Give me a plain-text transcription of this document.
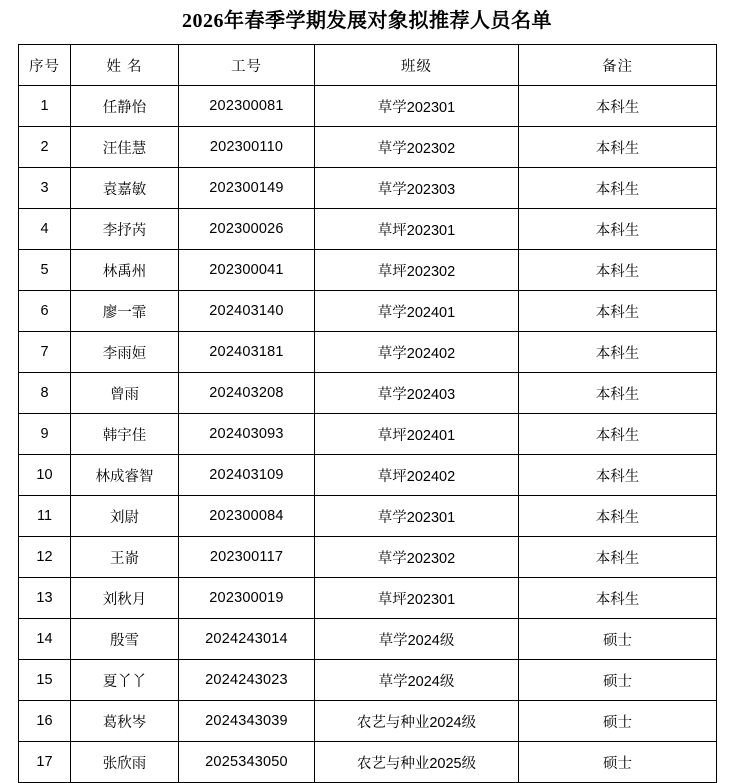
2026年春季学期发展对象拟推荐人员名单
序号	姓 名	工号	班级	备注
1	任静怡	202300081	草学202301	本科生
2	汪佳慧	202300110	草学202302	本科生
3	袁嘉敏	202300149	草学202303	本科生
4	李抒芮	202300026	草坪202301	本科生
5	林禹州	202300041	草坪202302	本科生
6	廖一霏	202403140	草学202401	本科生
7	李雨姮	202403181	草学202402	本科生
8	曾雨	202403208	草学202403	本科生
9	韩宇佳	202403093	草坪202401	本科生
10	林成睿智	202403109	草坪202402	本科生
11	刘尉	202300084	草学202301	本科生
12	王嵛	202300117	草学202302	本科生
13	刘秋月	202300019	草坪202301	本科生
14	殷雪	2024243014	草学2024级	硕士
15	夏丫丫	2024243023	草学2024级	硕士
16	葛秋岑	2024343039	农艺与种业2024级	硕士
17	张欣雨	2025343050	农艺与种业2025级	硕士
